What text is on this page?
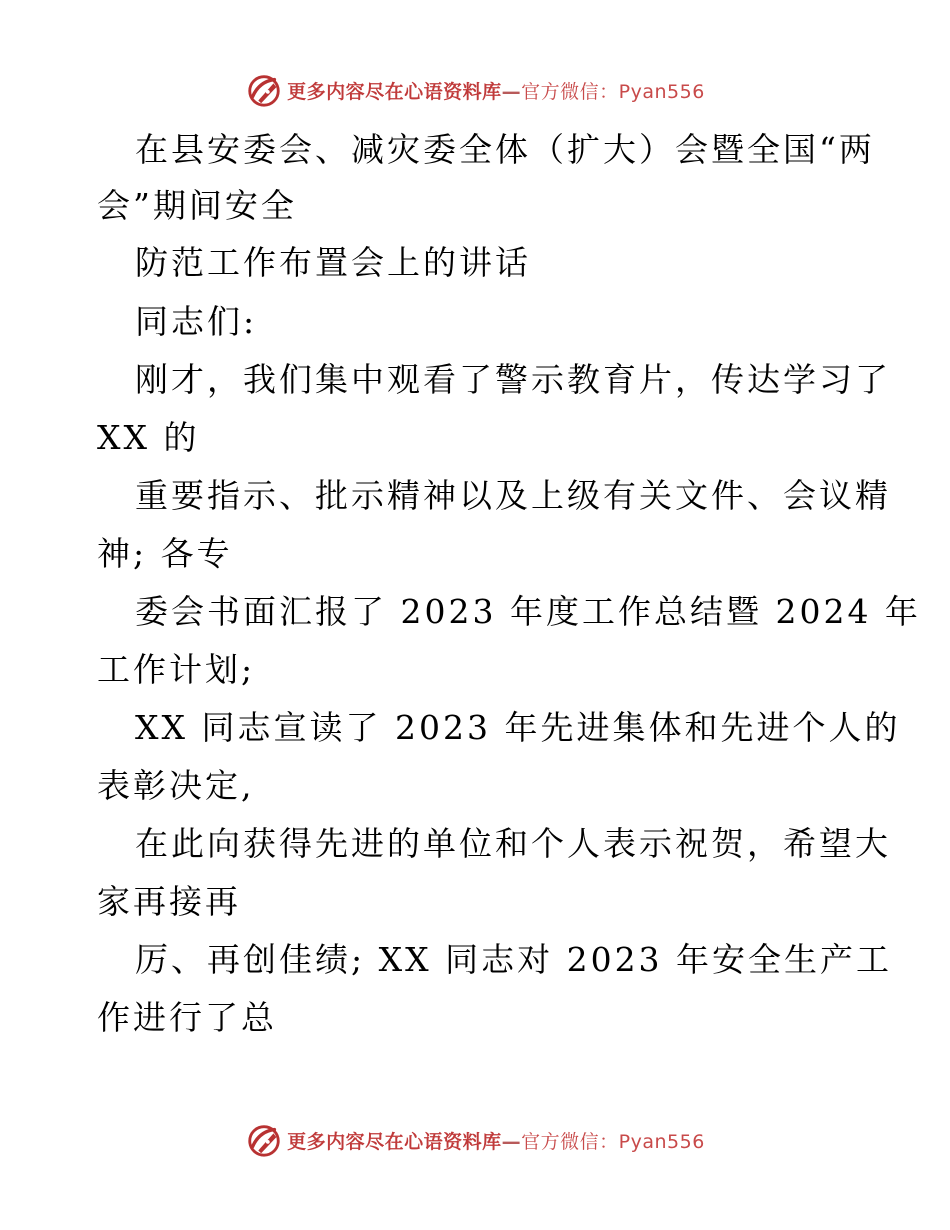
更多内容尽在心语资料库—官方微信：Pyan556
在县安委会、减灾委全体（扩大）会暨全国“两
会”期间安全
防范工作布置会上的讲话
同志们:
刚才，我们集中观看了警示教育片，传达学习了
XX 的
重要指示、批示精神以及上级有关文件、会议精
神; 各专
委会书面汇报了 2023 年度工作总结暨 2024 年
工作计划;
XX 同志宣读了 2023 年先进集体和先进个人的
表彰决定,
在此向获得先进的单位和个人表示祝贺，希望大
家再接再
厉、再创佳绩; XX 同志对 2023 年安全生产工
作进行了总
更多内容尽在心语资料库—官方微信：Pyan556
